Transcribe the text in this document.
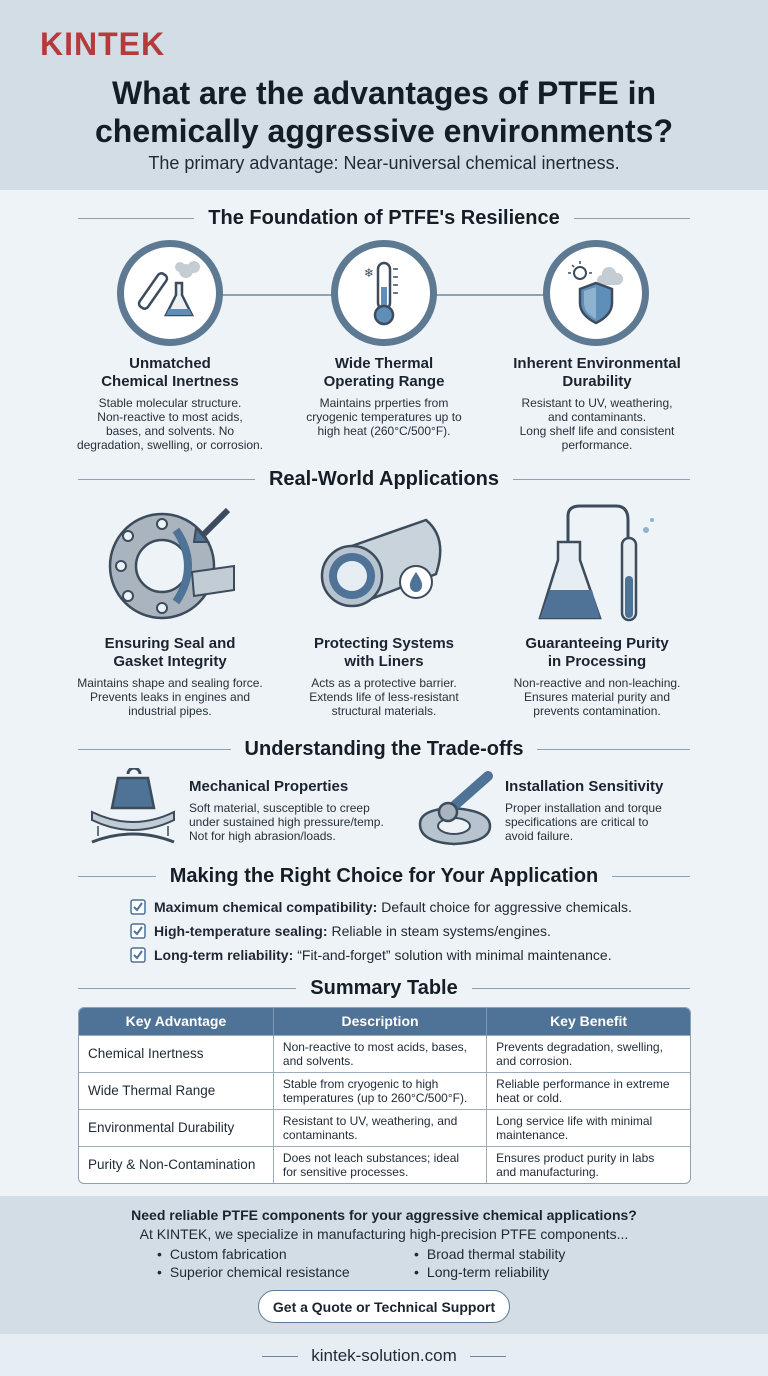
KINTEK
What are the advantages of PTFE in
chemically aggressive environments?
The primary advantage: Near-universal chemical inertness.
The Foundation of PTFE's Resilience
❄
Unmatched
Chemical Inertness

Stable molecular structure.
Non-reactive to most acids,
bases, and solvents. No
degradation, swelling, or corrosion.

Wide Thermal
Operating Range

Maintains prperties from
cryogenic temperatures up to
high heat (260°C/500°F).

Inherent Environmental
Durability

Resistant to UV, weathering,
and contaminants.
Long shelf life and consistent
performance.

Real-World Applications
Ensuring Seal and
Gasket Integrity

Maintains shape and sealing force.
Prevents leaks in engines and
industrial pipes.

Protecting Systems
with Liners

Acts as a protective barrier.
Extends life of less-resistant
structural materials.

Guaranteeing Purity
in Processing

Non-reactive and non-leaching.
Ensures material purity and
prevents contamination.

Understanding the Trade-offs
Mechanical Properties

Soft material, susceptible to creep
under sustained high pressure/temp.
Not for high abrasion/loads.

Installation Sensitivity

Proper installation and torque
specifications are critical to
avoid failure.

Making the Right Choice for Your Application
Maximum chemical compatibility: Default choice for aggressive chemicals.
High-temperature sealing: Reliable in steam systems/engines.
Long-term reliability: “Fit-and-forget” solution with minimal maintenance.
Summary Table
Key Advantage	Description	Key Benefit
Chemical Inertness	Non-reactive to most acids, bases,
and solvents.	Prevents degradation, swelling,
and corrosion.

Wide Thermal Range	Stable from cryogenic to high
temperatures (up to 260°C/500°F).	Reliable performance in extreme
heat or cold.

Environmental Durability	Resistant to UV, weathering, and
contaminants.	Long service life with minimal
maintenance.

Purity & Non-Contamination	Does not leach substances; ideal
for sensitive processes.	Ensures product purity in labs
and manufacturing.
Need reliable PTFE components for your aggressive chemical applications?
At KINTEK, we specialize in manufacturing high-precision PTFE components...
• Custom fabrication
• Superior chemical resistance
• Broad thermal stability
• Long-term reliability
Get a Quote or Technical Support
kintek-solution.com
